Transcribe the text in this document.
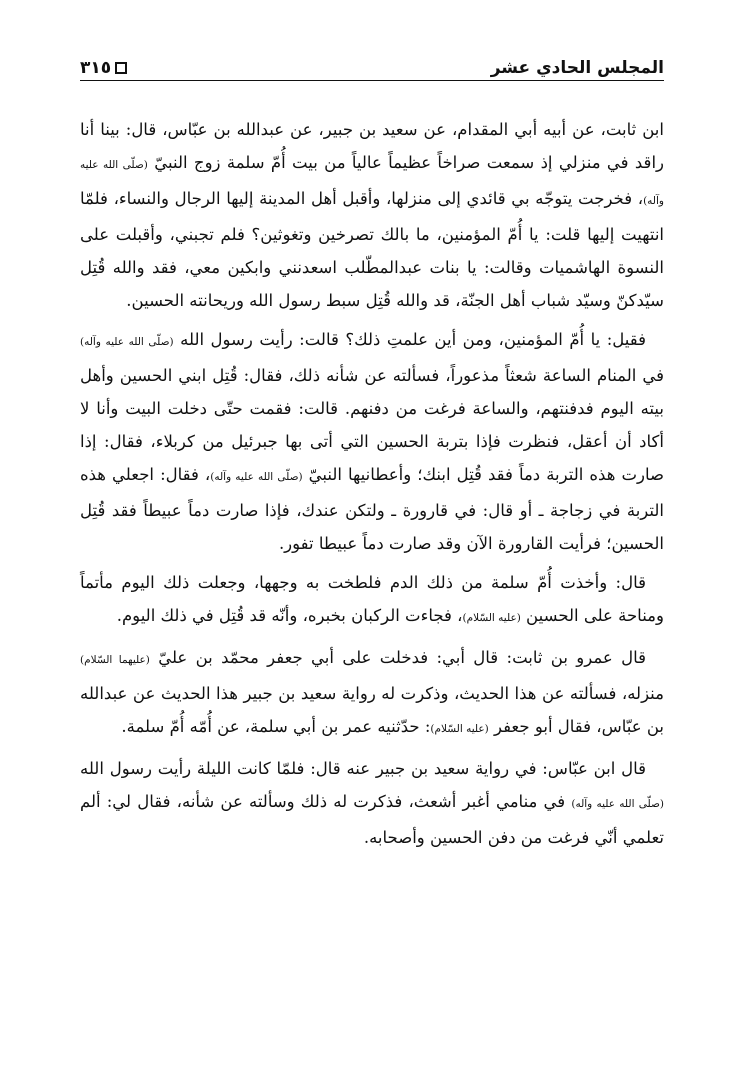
المجلس الحادي عشر
٣١٥

ابن ثابت، عن أبيه أبي المقدام، عن سعيد بن جبير، عن عبدالله بن عبّاس، قال: بينا أنا راقد في منزلي إذ سمعت صراخاً عظيماً عالياً من بيت أُمّ سلمة زوج النبيّ (صلّى الله عليه وآله)، فخرجت يتوجّه بي قائدي إلى منزلها، وأقبل أهل المدينة إليها الرجال والنساء، فلمّا انتهيت إليها قلت: يا أُمّ المؤمنين، ما بالك تصرخين وتغوثين؟ فلم تجبني، وأقبلت على النسوة الهاشميات وقالت: يا بنات عبدالمطّلب اسعدنني وابكين معي، فقد والله قُتِل سيّدكنّ وسيّد شباب أهل الجنّة، قد والله قُتِل سبط رسول الله وريحانته الحسين.

فقيل: يا أُمّ المؤمنين، ومن أين علمتِ ذلك؟ قالت: رأيت رسول الله (صلّى الله عليه وآله) في المنام الساعة شعثاً مذعوراً، فسألته عن شأنه ذلك، فقال: قُتِل ابني الحسين وأهل بيته اليوم فدفنتهم، والساعة فرغت من دفنهم. قالت: فقمت حتّى دخلت البيت وأنا لا أكاد أن أعقل، فنظرت فإذا بتربة الحسين التي أتى بها جبرئيل من كربلاء، فقال: إذا صارت هذه التربة دماً فقد قُتِل ابنك؛ وأعطانيها النبيّ (صلّى الله عليه وآله)، فقال: اجعلي هذه التربة في زجاجة ـ أو قال: في قارورة ـ ولتكن عندك، فإذا صارت دماً عبيطاً فقد قُتِل الحسين؛ فرأيت القارورة الآن وقد صارت دماً عبيطا تفور.

قال: وأخذت أُمّ سلمة من ذلك الدم فلطخت به وجهها، وجعلت ذلك اليوم مأتماً ومناحة على الحسين (عليه السّلام)، فجاءت الركبان بخبره، وأنّه قد قُتِل في ذلك اليوم.

قال عمرو بن ثابت: قال أبي: فدخلت على أبي جعفر محمّد بن عليّ (عليهما السّلام) منزله، فسألته عن هذا الحديث، وذكرت له رواية سعيد بن جبير هذا الحديث عن عبدالله بن عبّاس، فقال أبو جعفر (عليه السّلام): حدّثنيه عمر بن أبي سلمة، عن أُمّه أُمّ سلمة.

قال ابن عبّاس: في رواية سعيد بن جبير عنه قال: فلمّا كانت الليلة رأيت رسول الله (صلّى الله عليه وآله) في منامي أغبر أشعث، فذكرت له ذلك وسألته عن شأنه، فقال لي: ألم تعلمي أنّي فرغت من دفن الحسين وأصحابه.
